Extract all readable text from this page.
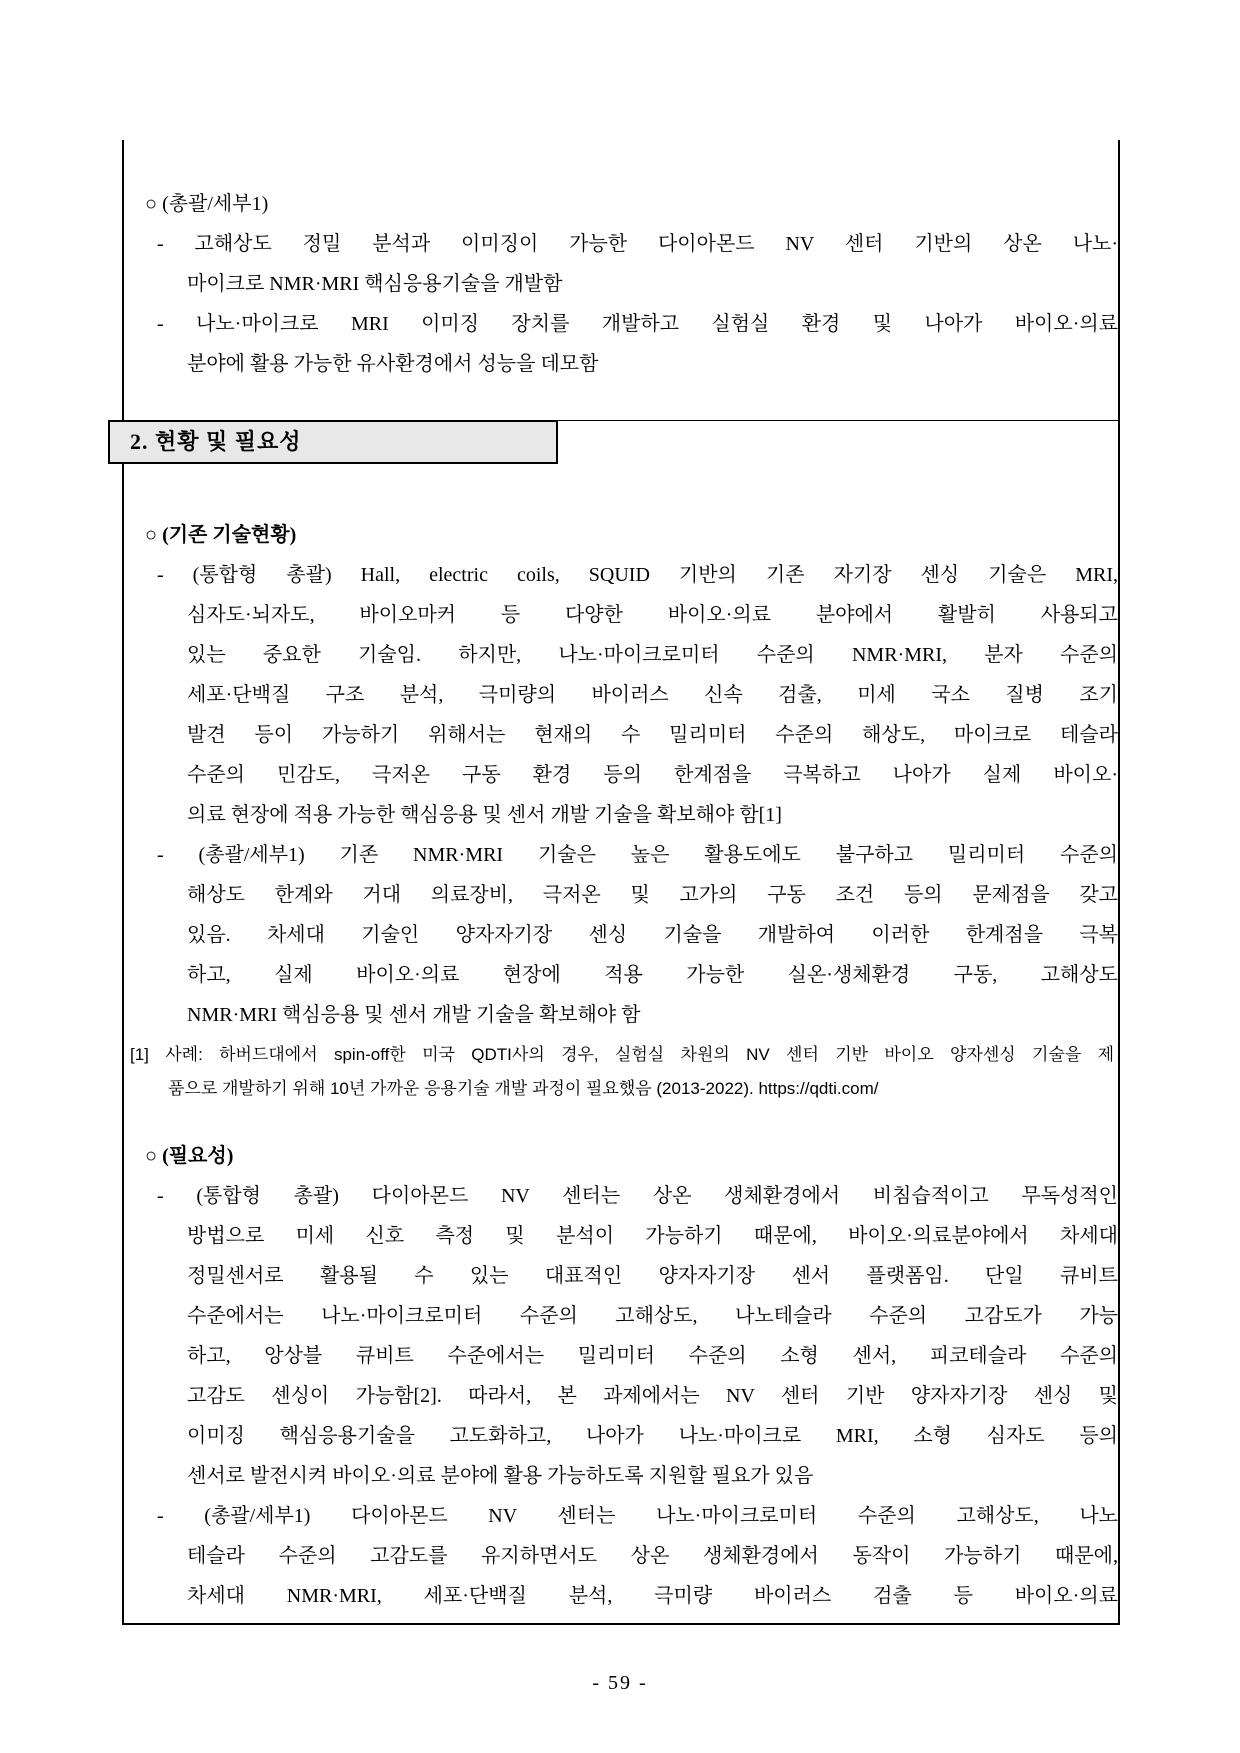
○ (총괄/세부1)
- 고해상도 정밀 분석과 이미징이 가능한 다이아몬드 NV 센터 기반의 상온 나노·
마이크로 NMR·MRI 핵심응용기술을 개발함
- 나노·마이크로 MRI 이미징 장치를 개발하고 실험실 환경 및 나아가 바이오·의료
분야에 활용 가능한 유사환경에서 성능을 데모함
2. 현황 및 필요성
○ (기존 기술현황)
- (통합형 총괄) Hall, electric coils, SQUID 기반의 기존 자기장 센싱 기술은 MRI,
심자도·뇌자도, 바이오마커 등 다양한 바이오·의료 분야에서 활발히 사용되고
있는 중요한 기술임. 하지만, 나노·마이크로미터 수준의 NMR·MRI, 분자 수준의
세포·단백질 구조 분석, 극미량의 바이러스 신속 검출, 미세 국소 질병 조기
발견 등이 가능하기 위해서는 현재의 수 밀리미터 수준의 해상도, 마이크로 테슬라
수준의 민감도, 극저온 구동 환경 등의 한계점을 극복하고 나아가 실제 바이오·
의료 현장에 적용 가능한 핵심응용 및 센서 개발 기술을 확보해야 함[1]
- (총괄/세부1) 기존 NMR·MRI 기술은 높은 활용도에도 불구하고 밀리미터 수준의
해상도 한계와 거대 의료장비, 극저온 및 고가의 구동 조건 등의 문제점을 갖고
있음. 차세대 기술인 양자자기장 센싱 기술을 개발하여 이러한 한계점을 극복
하고, 실제 바이오·의료 현장에 적용 가능한 실온·생체환경 구동, 고해상도
NMR·MRI 핵심응용 및 센서 개발 기술을 확보해야 함
[1] 사례: 하버드대에서 spin-off한 미국 QDTI사의 경우, 실험실 차원의 NV 센터 기반 바이오 양자센싱 기술을 제
품으로 개발하기 위해 10년 가까운 응용기술 개발 과정이 필요했음 (2013-2022). https://qdti.com/
○ (필요성)
- (통합형 총괄) 다이아몬드 NV 센터는 상온 생체환경에서 비침습적이고 무독성적인
방법으로 미세 신호 측정 및 분석이 가능하기 때문에, 바이오·의료분야에서 차세대
정밀센서로 활용될 수 있는 대표적인 양자자기장 센서 플랫폼임. 단일 큐비트
수준에서는 나노·마이크로미터 수준의 고해상도, 나노테슬라 수준의 고감도가 가능
하고, 앙상블 큐비트 수준에서는 밀리미터 수준의 소형 센서, 피코테슬라 수준의
고감도 센싱이 가능함[2]. 따라서, 본 과제에서는 NV 센터 기반 양자자기장 센싱 및
이미징 핵심응용기술을 고도화하고, 나아가 나노·마이크로 MRI, 소형 심자도 등의
센서로 발전시켜 바이오·의료 분야에 활용 가능하도록 지원할 필요가 있음
- (총괄/세부1) 다이아몬드 NV 센터는 나노·마이크로미터 수준의 고해상도, 나노
테슬라 수준의 고감도를 유지하면서도 상온 생체환경에서 동작이 가능하기 때문에,
차세대 NMR·MRI, 세포·단백질 분석, 극미량 바이러스 검출 등 바이오·의료
- 59 -
